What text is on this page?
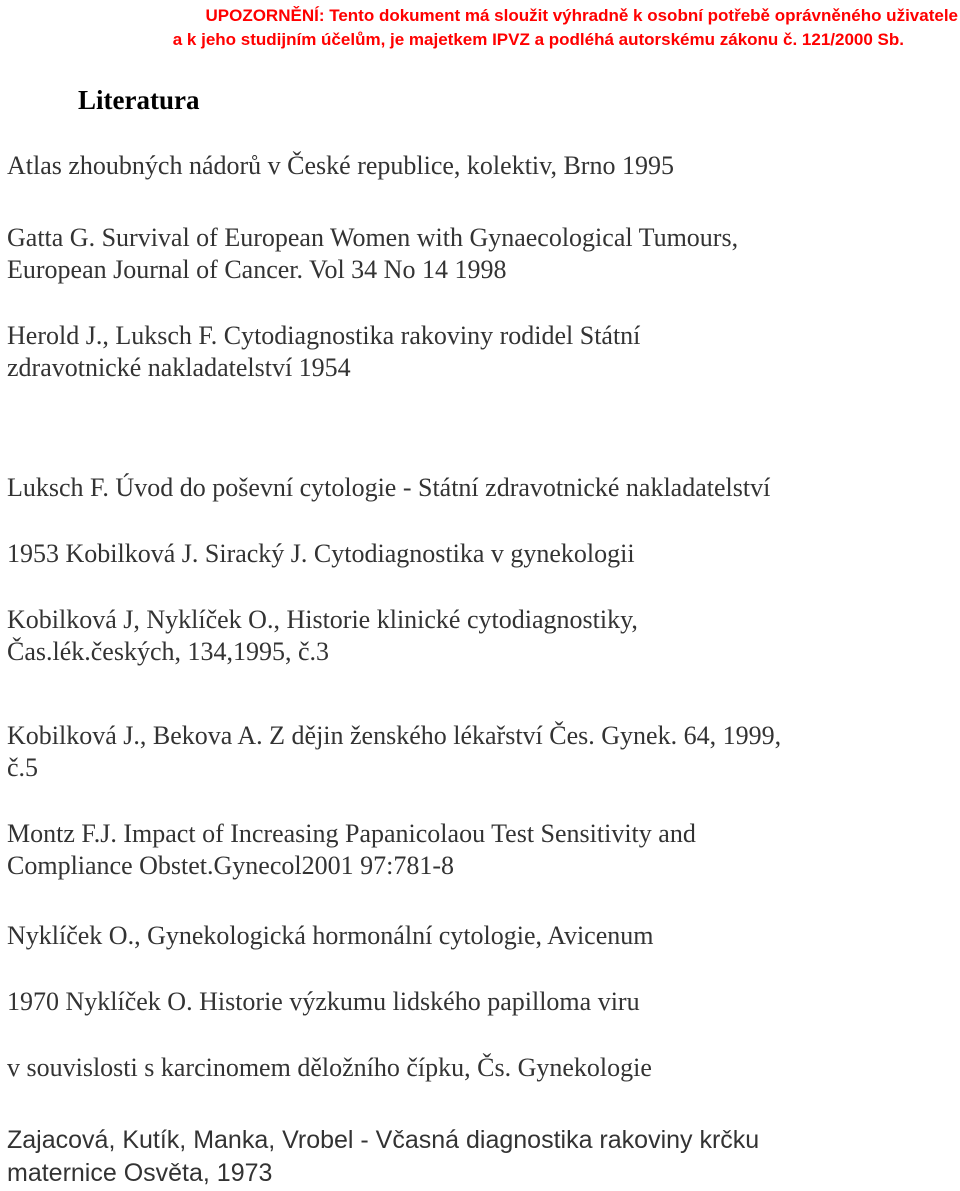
UPOZORNĚNÍ: Tento dokument má sloužit výhradně k osobní potřebě oprávněného uživatele
a k jeho studijním účelům, je majetkem IPVZ a podléhá autorskému zákonu č. 121/2000 Sb.
Literatura
Atlas zhoubných nádorů v České republice, kolektiv, Brno 1995
Gatta G. Survival of European Women with Gynaecological Tumours,
European Journal of Cancer. Vol 34 No 14 1998
Herold J., Luksch F. Cytodiagnostika rakoviny rodidel Státní
zdravotnické nakladatelství 1954
Luksch F. Úvod do poševní cytologie - Státní zdravotnické nakladatelství
1953 Kobilková J. Siracký J. Cytodiagnostika v gynekologii
Kobilková J, Nyklíček O., Historie klinické cytodiagnostiky,
Čas.lék.českých, 134,1995, č.3
Kobilková J., Bekova A. Z dějin ženského lékařství Čes. Gynek. 64, 1999,
č.5
Montz F.J. Impact of Increasing Papanicolaou Test Sensitivity and
Compliance Obstet.Gynecol2001 97:781-8
Nyklíček O., Gynekologická hormonální cytologie, Avicenum
1970 Nyklíček O. Historie výzkumu lidského papilloma viru
v souvislosti s karcinomem děložního čípku, Čs. Gynekologie
Zajacová, Kutík, Manka, Vrobel - Včasná diagnostika rakoviny krčku
maternice Osvěta, 1973
